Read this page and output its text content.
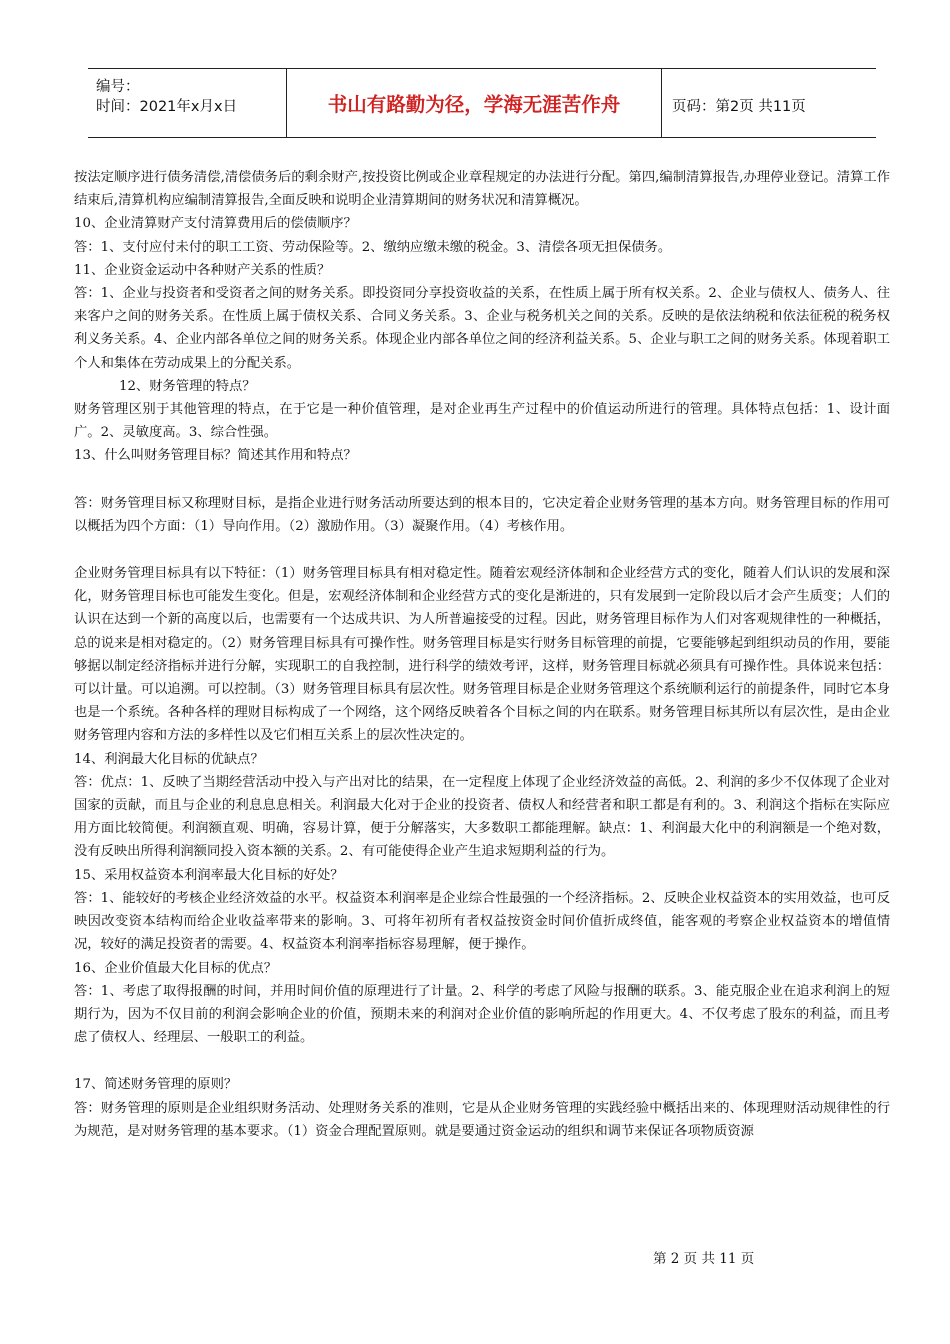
编号：
时间：2021年x月x日	书山有路勤为径，学海无涯苦作舟	页码：第2页 共11页

按法定顺序进行债务清偿,清偿债务后的剩余财产,按投资比例或企业章程规定的办法进行分配。第四,编制清算报告,办理停业登记。清算工作结束后,清算机构应编制清算报告,全面反映和说明企业清算期间的财务状况和清算概况。

10、企业清算财产支付清算费用后的偿债顺序？

答：1、支付应付未付的职工工资、劳动保险等。2、缴纳应缴未缴的税金。3、清偿各项无担保债务。

11、企业资金运动中各种财产关系的性质？

答：1、企业与投资者和受资者之间的财务关系。即投资同分享投资收益的关系，在性质上属于所有权关系。2、企业与债权人、债务人、往来客户之间的财务关系。在性质上属于债权关系、合同义务关系。3、企业与税务机关之间的关系。反映的是依法纳税和依法征税的税务权利义务关系。4、企业内部各单位之间的财务关系。体现企业内部各单位之间的经济利益关系。5、企业与职工之间的财务关系。体现着职工个人和集体在劳动成果上的分配关系。

12、财务管理的特点？

财务管理区别于其他管理的特点，在于它是一种价值管理，是对企业再生产过程中的价值运动所进行的管理。具体特点包括：1、设计面广。2、灵敏度高。3、综合性强。

13、什么叫财务管理目标？简述其作用和特点？

答：财务管理目标又称理财目标，是指企业进行财务活动所要达到的根本目的，它决定着企业财务管理的基本方向。财务管理目标的作用可以概括为四个方面：（1）导向作用。（2）激励作用。（3）凝聚作用。（4）考核作用。

企业财务管理目标具有以下特征：（1）财务管理目标具有相对稳定性。随着宏观经济体制和企业经营方式的变化，随着人们认识的发展和深化，财务管理目标也可能发生变化。但是，宏观经济体制和企业经营方式的变化是渐进的，只有发展到一定阶段以后才会产生质变；人们的认识在达到一个新的高度以后，也需要有一个达成共识、为人所普遍接受的过程。因此，财务管理目标作为人们对客观规律性的一种概括，总的说来是相对稳定的。（2）财务管理目标具有可操作性。财务管理目标是实行财务目标管理的前提，它要能够起到组织动员的作用，要能够据以制定经济指标并进行分解，实现职工的自我控制，进行科学的绩效考评，这样，财务管理目标就必须具有可操作性。具体说来包括：可以计量。可以追溯。可以控制。（3）财务管理目标具有层次性。财务管理目标是企业财务管理这个系统顺利运行的前提条件，同时它本身也是一个系统。各种各样的理财目标构成了一个网络，这个网络反映着各个目标之间的内在联系。财务管理目标其所以有层次性，是由企业财务管理内容和方法的多样性以及它们相互关系上的层次性决定的。

14、利润最大化目标的优缺点？

答：优点：1、反映了当期经营活动中投入与产出对比的结果，在一定程度上体现了企业经济效益的高低。2、利润的多少不仅体现了企业对国家的贡献，而且与企业的利息息息相关。利润最大化对于企业的投资者、债权人和经营者和职工都是有利的。3、利润这个指标在实际应用方面比较简便。利润额直观、明确，容易计算，便于分解落实，大多数职工都能理解。缺点：1、利润最大化中的利润额是一个绝对数，没有反映出所得利润额同投入资本额的关系。2、有可能使得企业产生追求短期利益的行为。

15、采用权益资本利润率最大化目标的好处？

答：1、能较好的考核企业经济效益的水平。权益资本利润率是企业综合性最强的一个经济指标。2、反映企业权益资本的实用效益，也可反映因改变资本结构而给企业收益率带来的影响。3、可将年初所有者权益按资金时间价值折成终值，能客观的考察企业权益资本的增值情况，较好的满足投资者的需要。4、权益资本利润率指标容易理解，便于操作。

16、企业价值最大化目标的优点？

答：1、考虑了取得报酬的时间，并用时间价值的原理进行了计量。2、科学的考虑了风险与报酬的联系。3、能克服企业在追求利润上的短期行为，因为不仅目前的利润会影响企业的价值，预期未来的利润对企业价值的影响所起的作用更大。4、不仅考虑了股东的利益，而且考虑了债权人、经理层、一般职工的利益。

17、简述财务管理的原则？

答：财务管理的原则是企业组织财务活动、处理财务关系的准则，它是从企业财务管理的实践经验中概括出来的、体现理财活动规律性的行为规范，是对财务管理的基本要求。（1）资金合理配置原则。就是要通过资金运动的组织和调节来保证各项物质资源

第 2 页 共 11 页
